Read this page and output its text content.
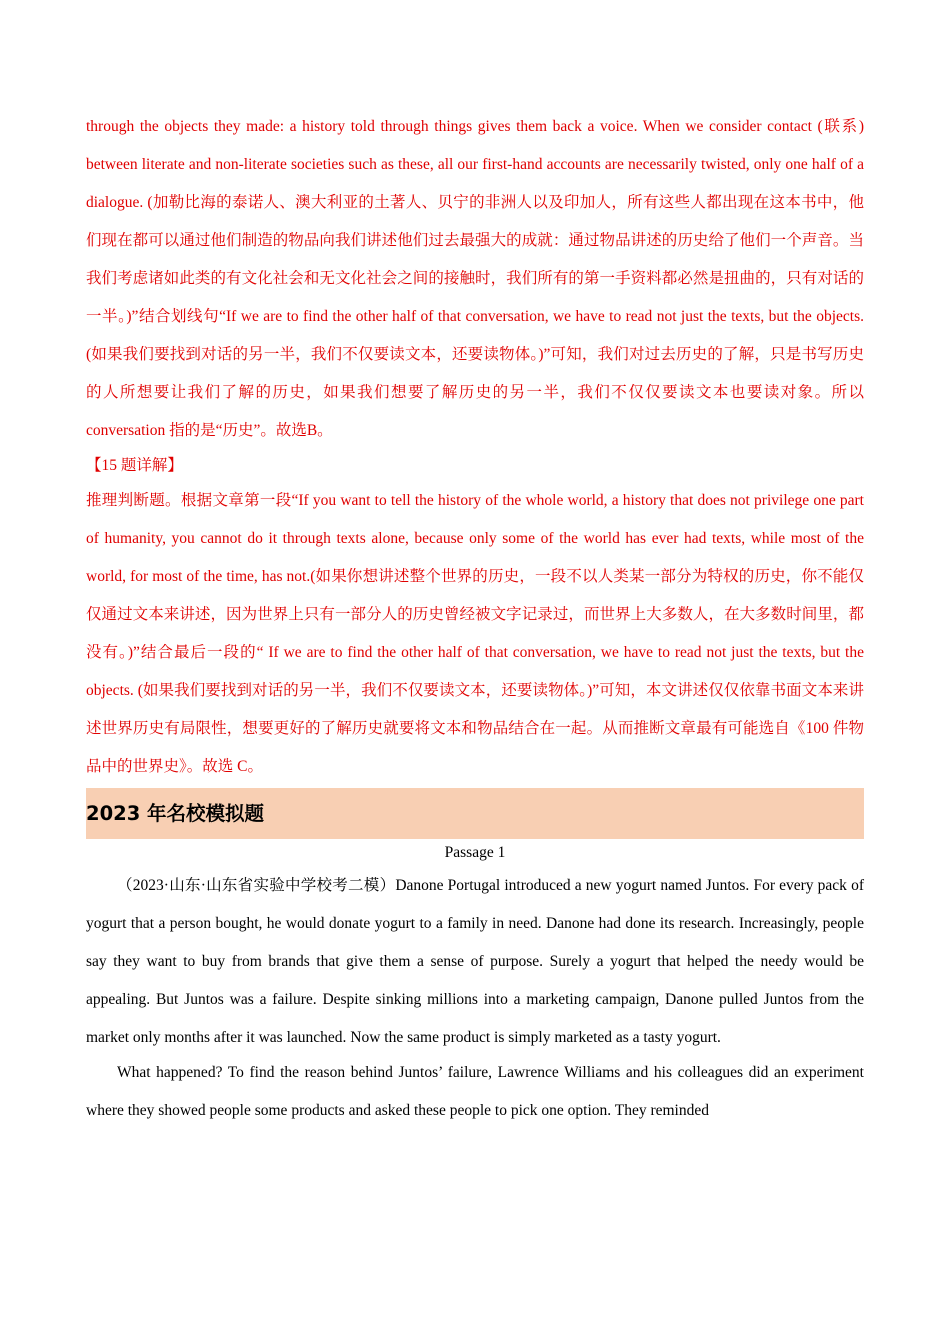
through the objects they made: a history told through things gives them back a voice. When we consider contact (联系) between literate and non-literate societies such as these, all our first-hand accounts are necessarily twisted, only one half of a dialogue. (加勒比海的泰诺人、澳大利亚的土著人、贝宁的非洲人以及印加人，所有这些人都出现在这本书中，他们现在都可以通过他们制造的物品向我们讲述他们过去最强大的成就：通过物品讲述的历史给了他们一个声音。当我们考虑诸如此类的有文化社会和无文化社会之间的接触时，我们所有的第一手资料都必然是扭曲的，只有对话的一半。)”结合划线句“If we are to find the other half of that conversation, we have to read not just the texts, but the objects. (如果我们要找到对话的另一半，我们不仅要读文本，还要读物体。)”可知，我们对过去历史的了解，只是书写历史的人所想要让我们了解的历史，如果我们想要了解历史的另一半，我们不仅仅要读文本也要读对象。所以 conversation 指的是“历史”。故选B。

【15 题详解】

推理判断题。根据文章第一段“If you want to tell the history of the whole world, a history that does not privilege one part of humanity, you cannot do it through texts alone, because only some of the world has ever had texts, while most of the world, for most of the time, has not.(如果你想讲述整个世界的历史，一段不以人类某一部分为特权的历史，你不能仅仅通过文本来讲述，因为世界上只有一部分人的历史曾经被文字记录过，而世界上大多数人，在大多数时间里，都没有。)”结合最后一段的“ If we are to find the other half of that conversation, we have to read not just the texts, but the objects. (如果我们要找到对话的另一半，我们不仅要读文本，还要读物体。)”可知，本文讲述仅仅依靠书面文本来讲述世界历史有局限性，想要更好的了解历史就要将文本和物品结合在一起。从而推断文章最有可能选自《100 件物品中的世界史》。故选 C。

2023 年名校模拟题

Passage 1

（2023·山东·山东省实验中学校考二模）Danone Portugal introduced a new yogurt named Juntos. For every pack of yogurt that a person bought, he would donate yogurt to a family in need. Danone had done its research. Increasingly, people say they want to buy from brands that give them a sense of purpose. Surely a yogurt that helped the needy would be appealing. But Juntos was a failure. Despite sinking millions into a marketing campaign, Danone pulled Juntos from the market only months after it was launched. Now the same product is simply marketed as a tasty yogurt.

What happened? To find the reason behind Juntos’ failure, Lawrence Williams and his colleagues did an experiment where they showed people some products and asked these people to pick one option. They reminded
